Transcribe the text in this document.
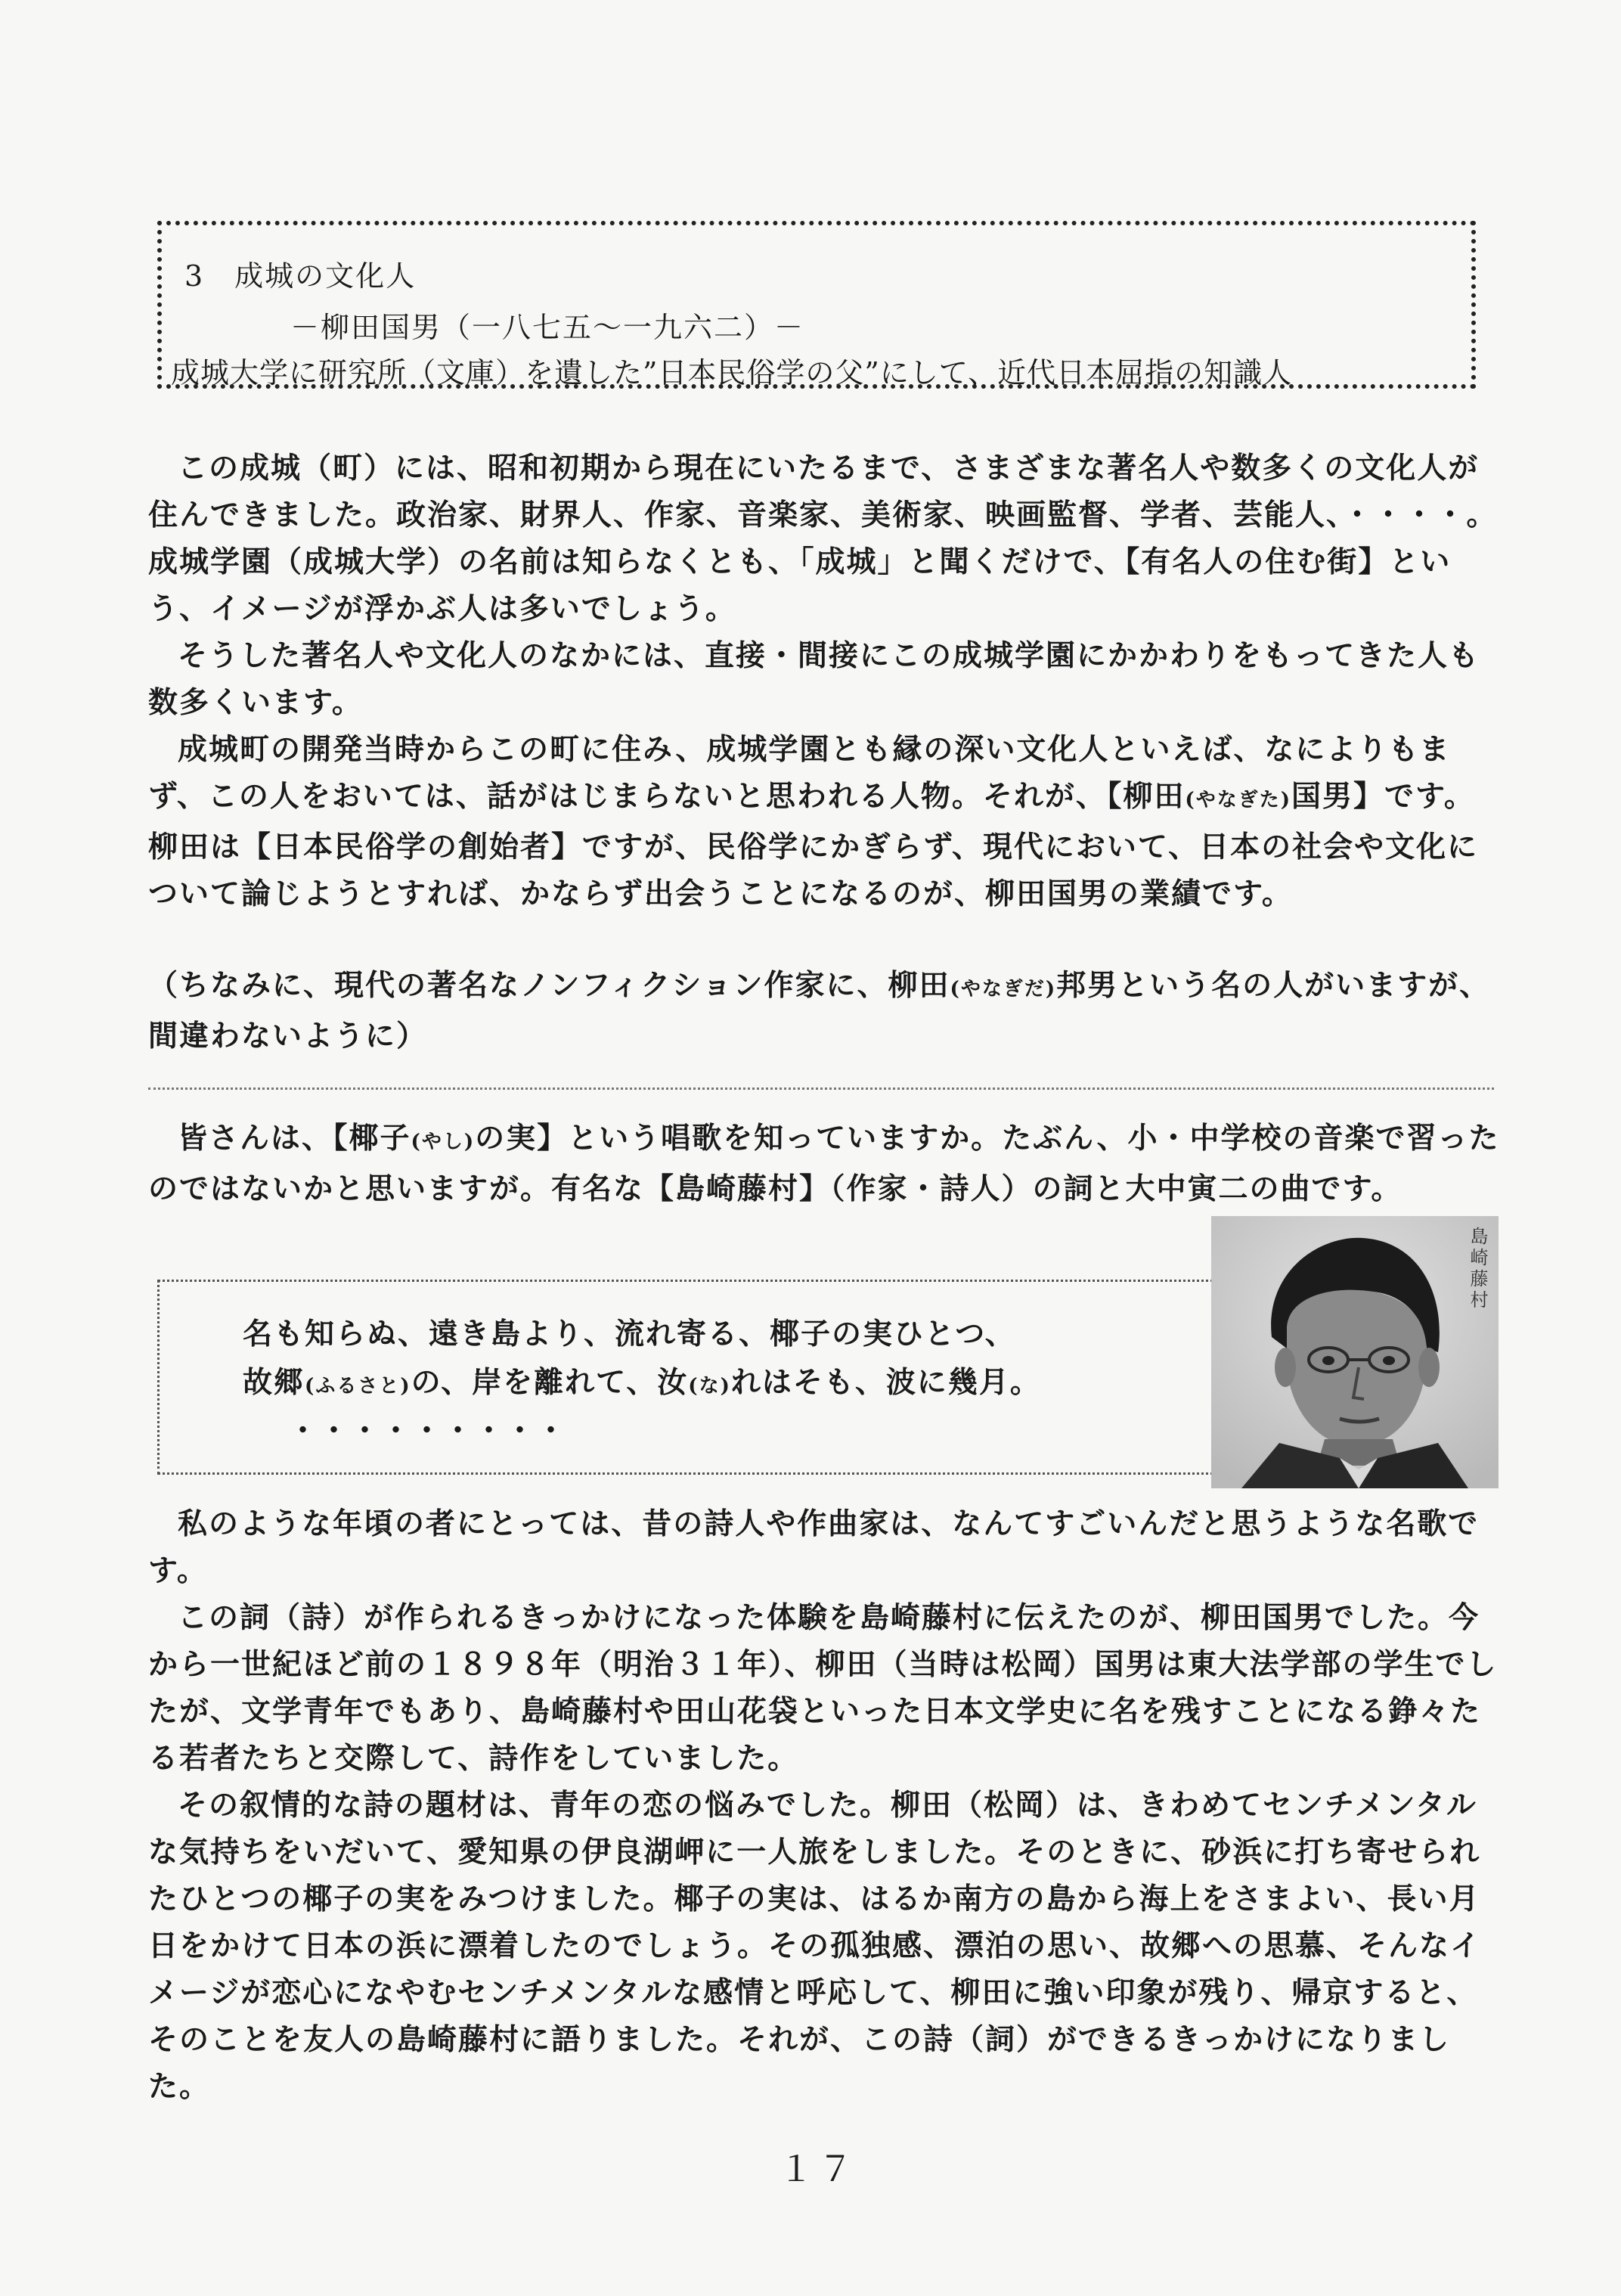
3　成城の文化人
－柳田国男（一八七五～一九六二）－
成城大学に研究所（文庫）を遺した”日本民俗学の父”にして、近代日本屈指の知識人
この成城（町）には、昭和初期から現在にいたるまで、さまざまな著名人や数多くの文化人が住んできました。政治家、財界人、作家、音楽家、美術家、映画監督、学者、芸能人、・・・・。成城学園（成城大学）の名前は知らなくとも、「成城」と聞くだけで、【有名人の住む街】という、イメージが浮かぶ人は多いでしょう。
そうした著名人や文化人のなかには、直接・間接にこの成城学園にかかわりをもってきた人も数多くいます。
成城町の開発当時からこの町に住み、成城学園とも縁の深い文化人といえば、なによりもまず、この人をおいては、話がはじまらないと思われる人物。それが、【柳田(やなぎた)国男】です。柳田は【日本民俗学の創始者】ですが、民俗学にかぎらず、現代において、日本の社会や文化について論じようとすれば、かならず出会うことになるのが、柳田国男の業績です。
（ちなみに、現代の著名なノンフィクション作家に、柳田(やなぎだ)邦男という名の人がいますが、間違わないように）
皆さんは、【椰子(やし)の実】という唱歌を知っていますか。たぶん、小・中学校の音楽で習ったのではないかと思いますが。有名な【島崎藤村】（作家・詩人）の詞と大中寅二の曲です。
名も知らぬ、遠き島より、流れ寄る、椰子の実ひとつ、
故郷(ふるさと)の、岸を離れて、汝(な)れはそも、波に幾月。
・・・・・・・・・
島崎藤村
私のような年頃の者にとっては、昔の詩人や作曲家は、なんてすごいんだと思うような名歌です。
この詞（詩）が作られるきっかけになった体験を島崎藤村に伝えたのが、柳田国男でした。今から一世紀ほど前の１８９８年（明治３１年）、柳田（当時は松岡）国男は東大法学部の学生でしたが、文学青年でもあり、島崎藤村や田山花袋といった日本文学史に名を残すことになる錚々たる若者たちと交際して、詩作をしていました。
その叙情的な詩の題材は、青年の恋の悩みでした。柳田（松岡）は、きわめてセンチメンタルな気持ちをいだいて、愛知県の伊良湖岬に一人旅をしました。そのときに、砂浜に打ち寄せられたひとつの椰子の実をみつけました。椰子の実は、はるか南方の島から海上をさまよい、長い月日をかけて日本の浜に漂着したのでしょう。その孤独感、漂泊の思い、故郷への思慕、そんなイメージが恋心になやむセンチメンタルな感情と呼応して、柳田に強い印象が残り、帰京すると、そのことを友人の島崎藤村に語りました。それが、この詩（詞）ができるきっかけになりました。
１７
